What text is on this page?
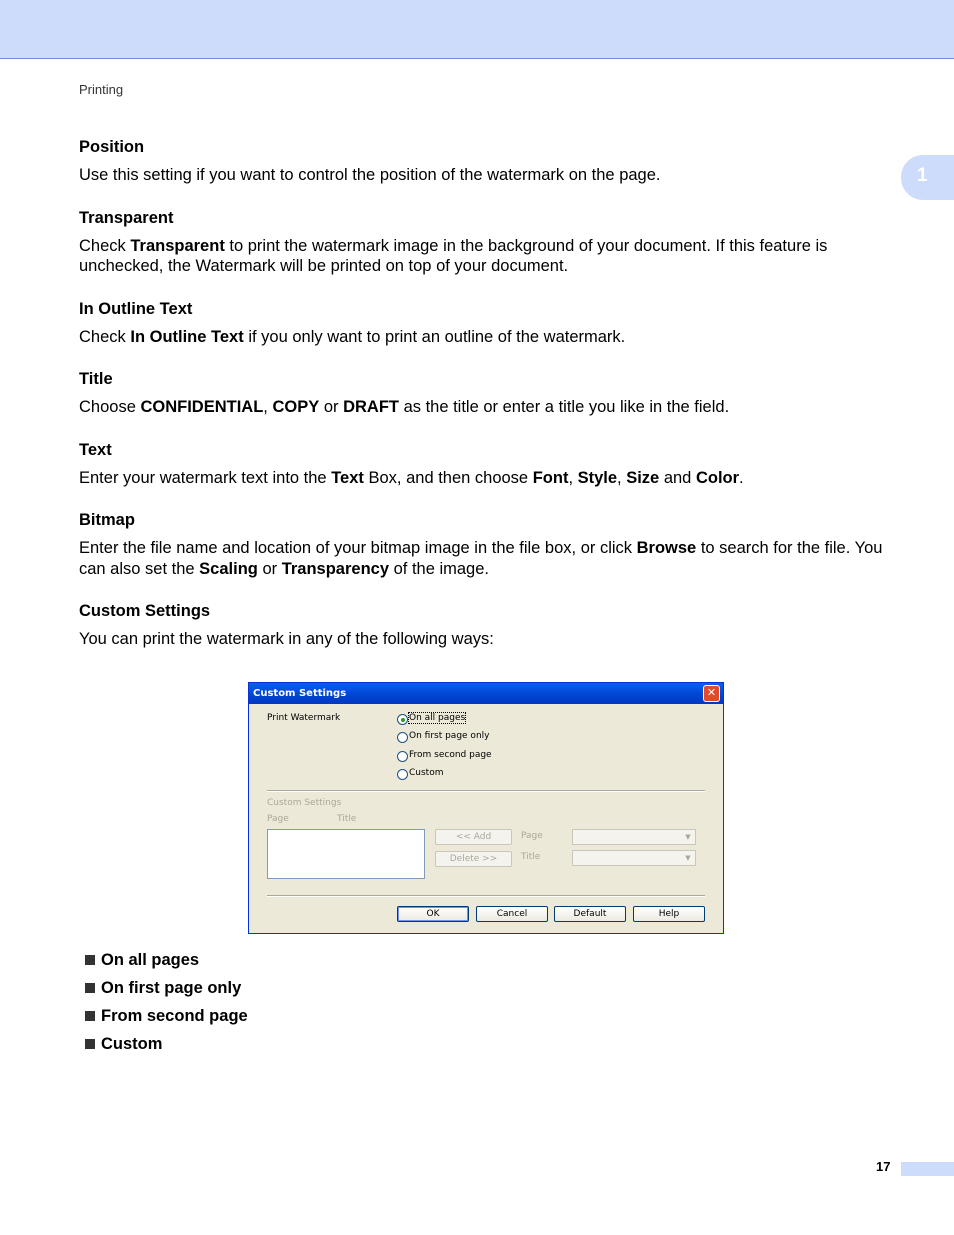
Printing
1
Position

Use this setting if you want to control the position of the watermark on the page.

Transparent

Check Transparent to print the watermark image in the background of your document. If this feature is unchecked, the Watermark will be printed on top of your document.

In Outline Text

Check In Outline Text if you only want to print an outline of the watermark.

Title

Choose CONFIDENTIAL, COPY or DRAFT as the title or enter a title you like in the field.

Text

Enter your watermark text into the Text Box, and then choose Font, Style, Size and Color.

Bitmap

Enter the file name and location of your bitmap image in the file box, or click Browse to search for the file. You can also set the Scaling or Transparency of the image.

Custom Settings

You can print the watermark in any of the following ways:

Custom Settings	✕
Print Watermark	On all pages
On first page only
From second page
Custom
Custom Settings
Page	Title
<< Add
Delete >>
Page
Title
▼
▼
OK	Cancel	Default	Help
On all pages
On first page only
From second page
Custom
17
